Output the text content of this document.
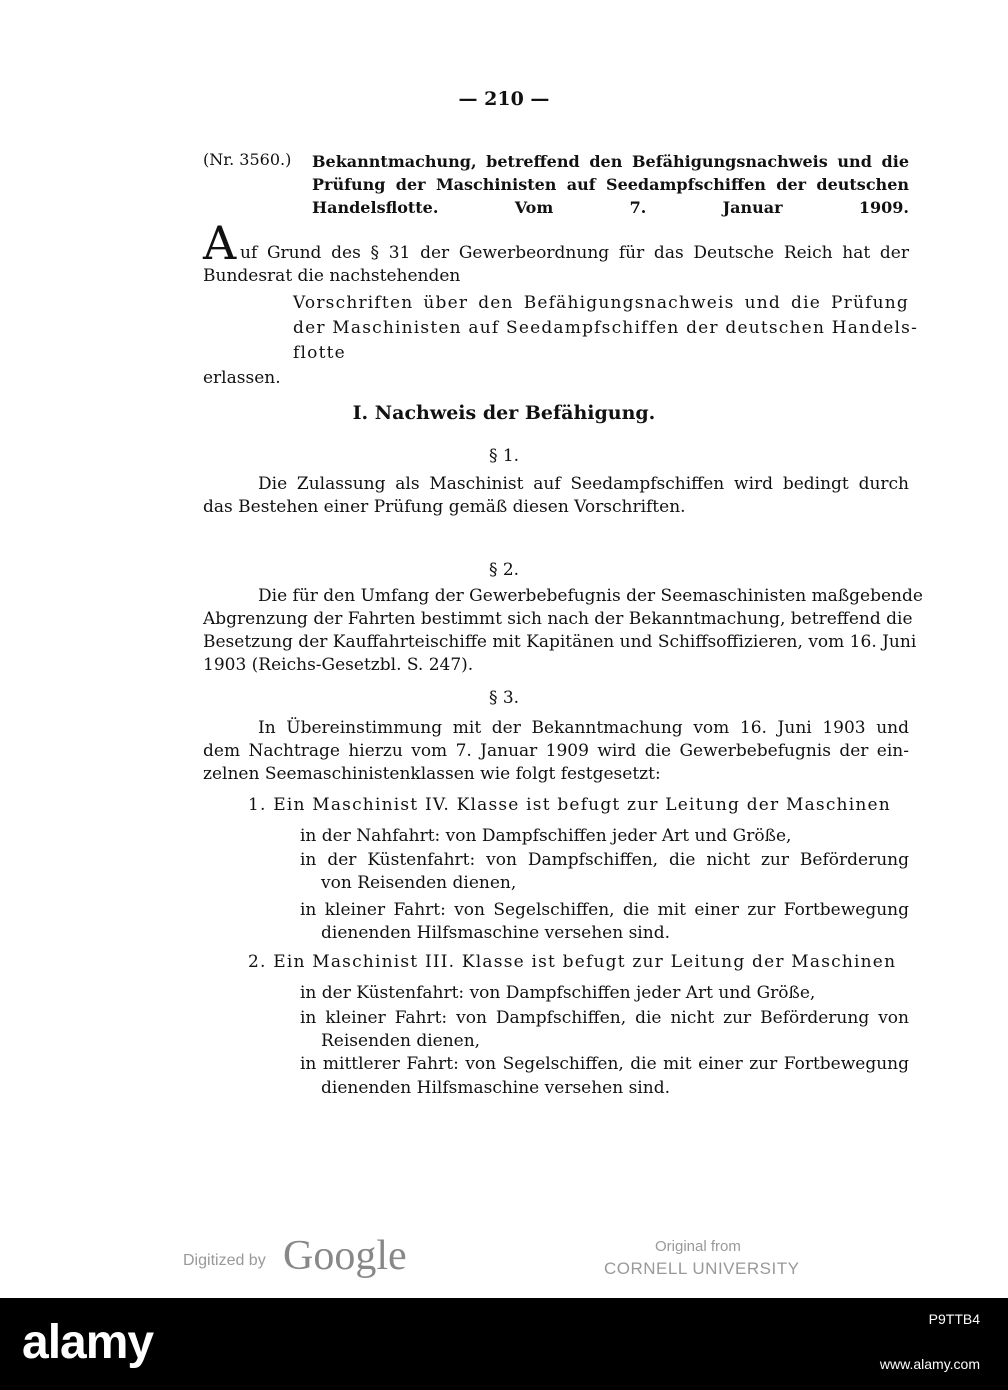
— 210 —
(Nr. 3560.) Bekanntmachung, betreffend den Befähigungsnachweis und die Prüfung der Maschinisten auf Seedampfschiffen der deutschen Handelsflotte. Vom 7. Januar 1909.
A uf Grund des § 31 der Gewerbeordnung für das Deutsche Reich hat der
Bundesrat die nachstehenden
Vorschriften über den Befähigungsnachweis und die Prüfung
der Maschinisten auf Seedampfschiffen der deutschen Handels-
flotte
erlassen.
I. Nachweis der Befähigung.
§ 1.
Die Zulassung als Maschinist auf Seedampfschiffen wird bedingt durch
das Bestehen einer Prüfung gemäß diesen Vorschriften.
§ 2.
Die für den Umfang der Gewerbebefugnis der Seemaschinisten maßgebende
Abgrenzung der Fahrten bestimmt sich nach der Bekanntmachung, betreffend die
Besetzung der Kauffahrteischiffe mit Kapitänen und Schiffsoffizieren, vom 16. Juni
1903 (Reichs-Gesetzbl. S. 247).
§ 3.
In Übereinstimmung mit der Bekanntmachung vom 16. Juni 1903 und
dem Nachtrage hierzu vom 7. Januar 1909 wird die Gewerbebefugnis der ein-
zelnen Seemaschinistenklassen wie folgt festgesetzt:
1. Ein Maschinist IV. Klasse ist befugt zur Leitung der Maschinen
in der Nahfahrt: von Dampfschiffen jeder Art und Größe,
in der Küstenfahrt: von Dampfschiffen, die nicht zur Beförderung
von Reisenden dienen,
in kleiner Fahrt: von Segelschiffen, die mit einer zur Fortbewegung
dienenden Hilfsmaschine versehen sind.
2. Ein Maschinist III. Klasse ist befugt zur Leitung der Maschinen
in der Küstenfahrt: von Dampfschiffen jeder Art und Größe,
in kleiner Fahrt: von Dampfschiffen, die nicht zur Beförderung von
Reisenden dienen,
in mittlerer Fahrt: von Segelschiffen, die mit einer zur Fortbewegung
dienenden Hilfsmaschine versehen sind.
Digitized by Google	Original from
CORNELL UNIVERSITY
alamy	P9TTB4
www.alamy.com
